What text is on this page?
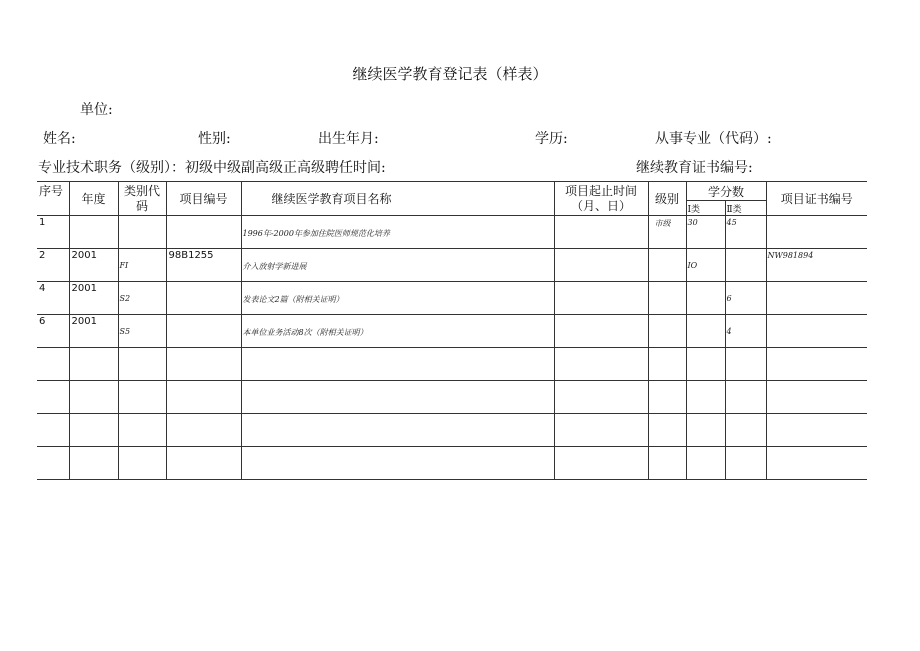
继续医学教育登记表（样表）
单位:
姓名:	性别:	出生年月:	学历:	从事专业（代码）:
专业技术职务（级别）：初级中级副高级正高级聘任时间:	继续教育证书编号:
序号	年度	类别代码	项目编号	继续医学教育项目名称	项目起止时间（月、日）	级别	学分数		项目证书编号
							I类	Ⅱ类	

1				1996年-2000年参加住院医师规范化培养		市级	30	45	

2	2001	FI	98B1255	介入放射学新进展			IO		NW981894

4	2001	S2		发表论文2篇（附相关证明）				6	

6	2001	S5		本单位业务活动8次（附相关证明）				4	
